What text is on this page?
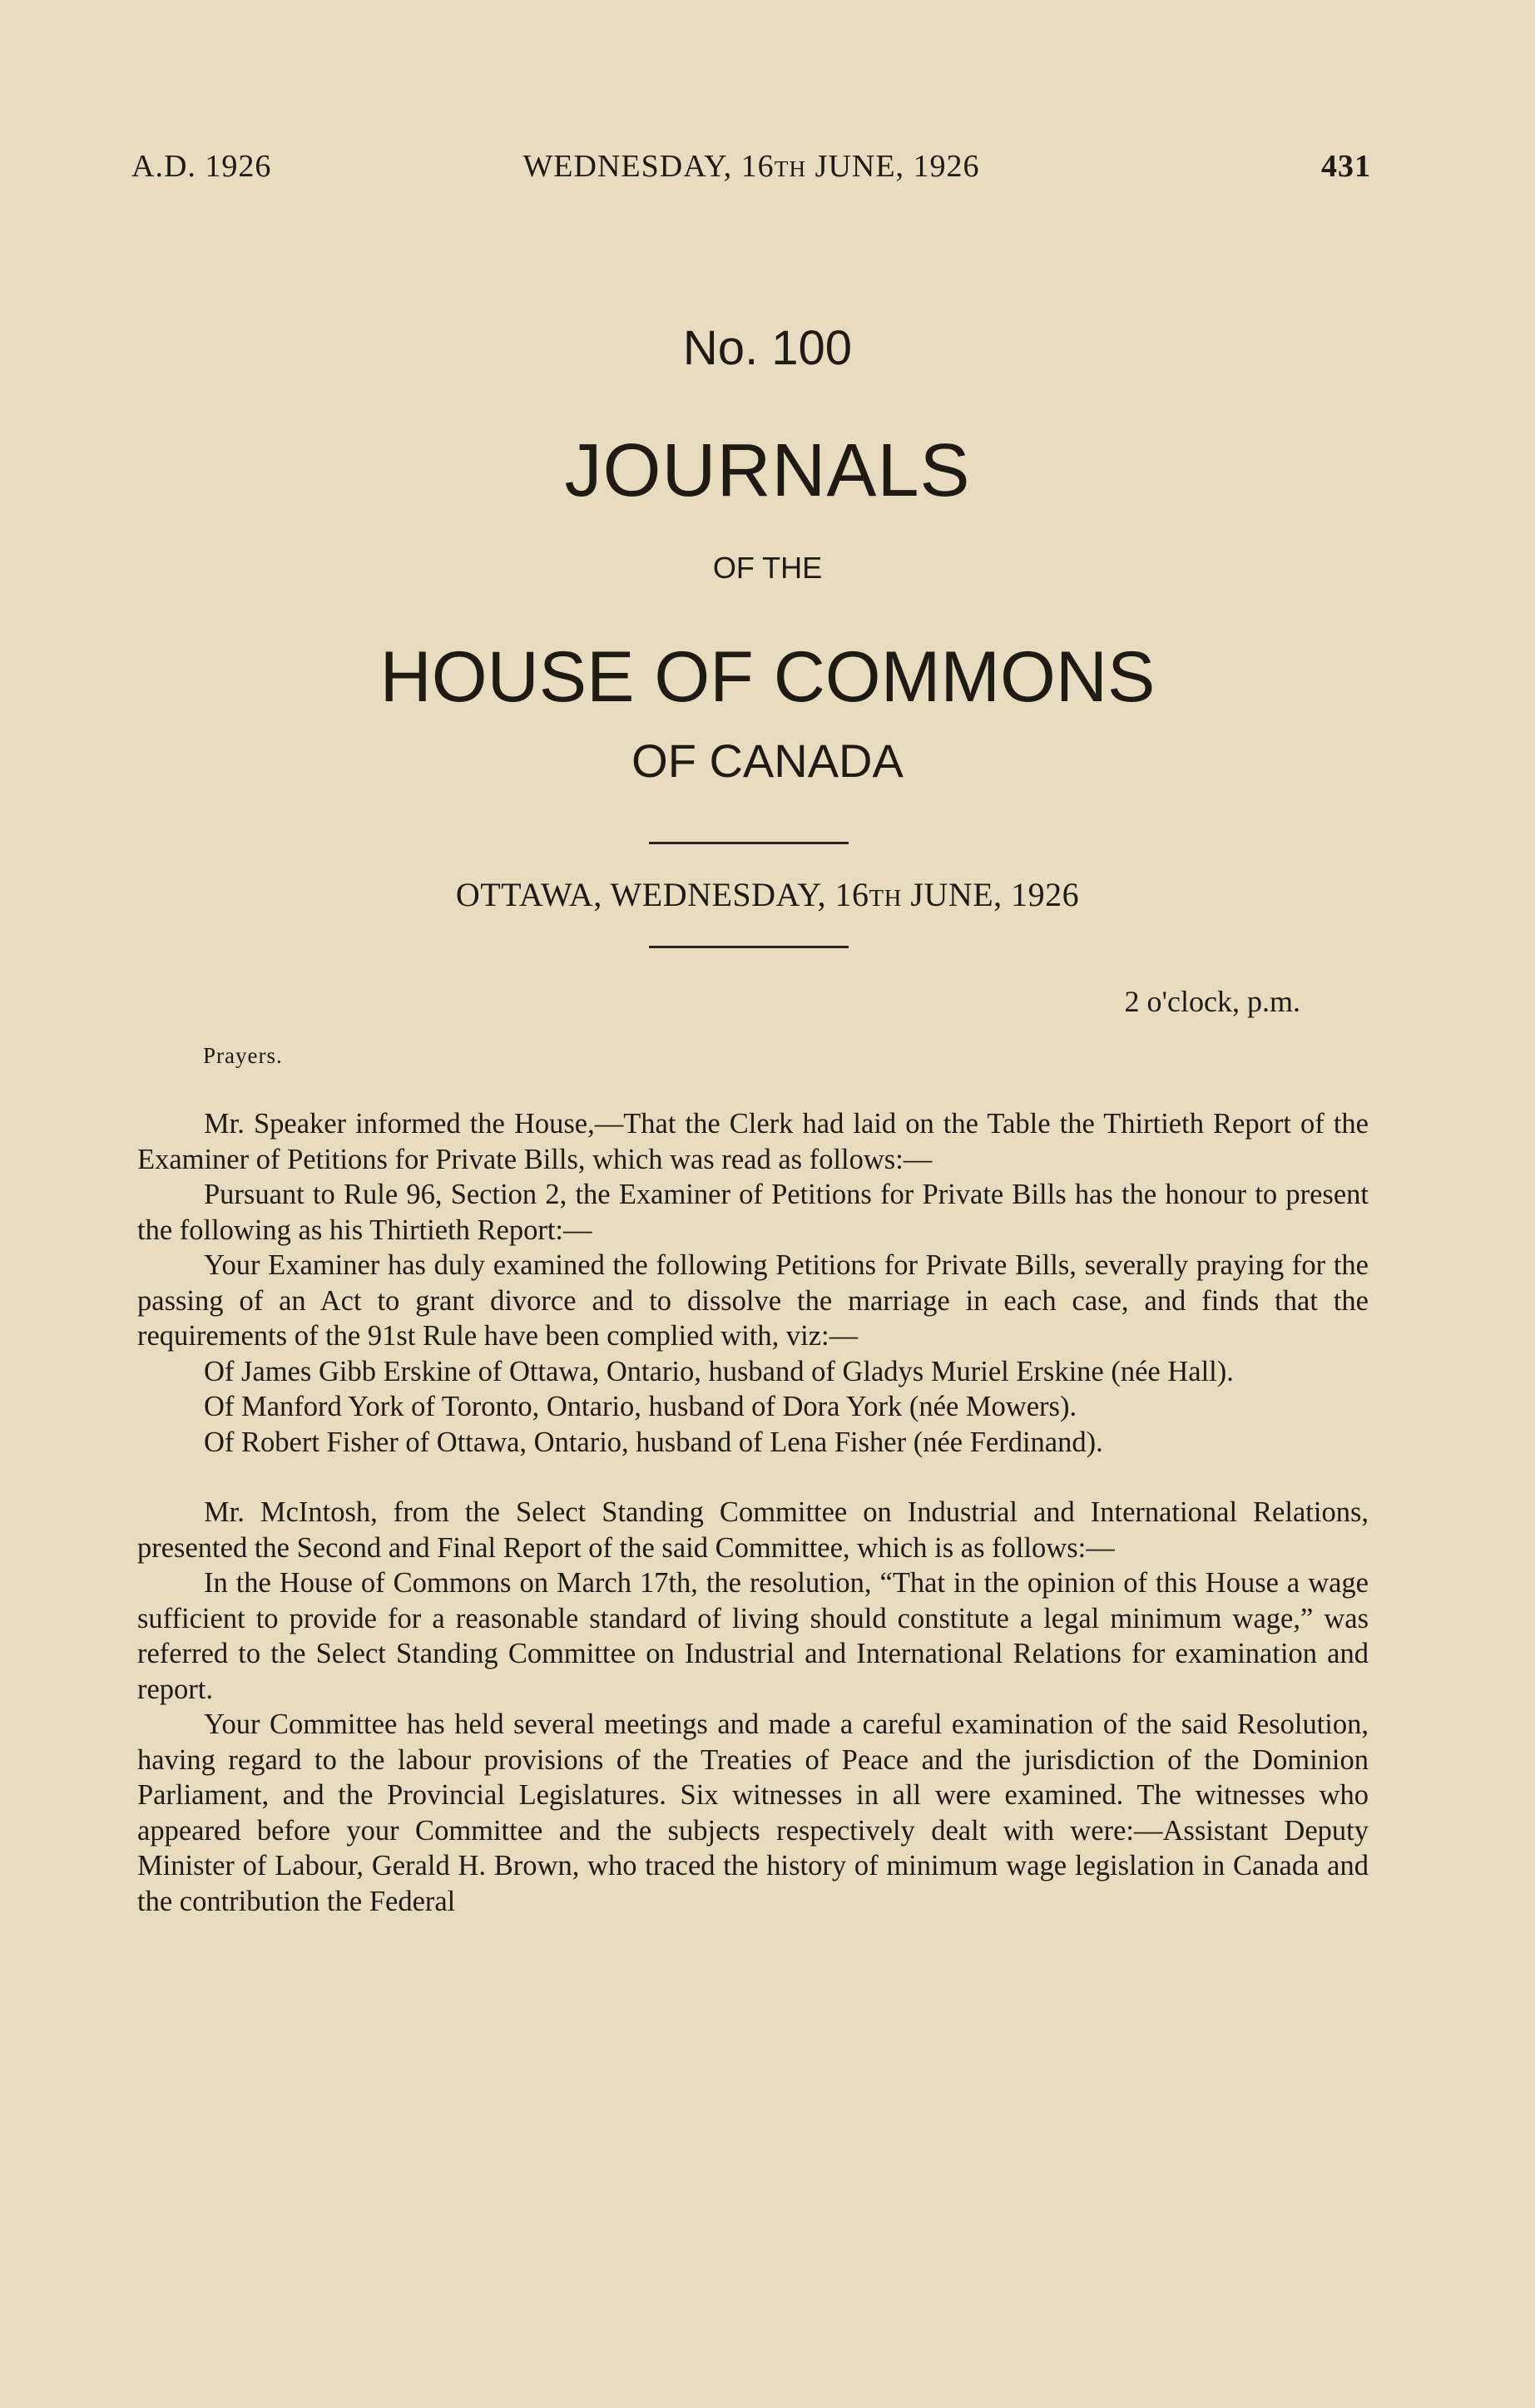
A.D. 1926	WEDNESDAY, 16TH JUNE, 1926	431
No. 100
JOURNALS
OF THE
HOUSE OF COMMONS
OF CANADA
OTTAWA, WEDNESDAY, 16TH JUNE, 1926
2 o'clock, p.m.
Prayers.

Mr. Speaker informed the House,—That the Clerk had laid on the Table the Thirtieth Report of the Examiner of Petitions for Private Bills, which was read as follows:—

Pursuant to Rule 96, Section 2, the Examiner of Petitions for Private Bills has the honour to present the following as his Thirtieth Report:—

Your Examiner has duly examined the following Petitions for Private Bills, severally praying for the passing of an Act to grant divorce and to dissolve the marriage in each case, and finds that the requirements of the 91st Rule have been complied with, viz:—

Of James Gibb Erskine of Ottawa, Ontario, husband of Gladys Muriel Erskine (née Hall).

Of Manford York of Toronto, Ontario, husband of Dora York (née Mowers).

Of Robert Fisher of Ottawa, Ontario, husband of Lena Fisher (née Ferdinand).

Mr. McIntosh, from the Select Standing Committee on Industrial and International Relations, presented the Second and Final Report of the said Committee, which is as follows:—

In the House of Commons on March 17th, the resolution, “That in the opinion of this House a wage sufficient to provide for a reasonable standard of living should constitute a legal minimum wage,” was referred to the Select Standing Committee on Industrial and International Relations for examination and report.

Your Committee has held several meetings and made a careful examination of the said Resolution, having regard to the labour provisions of the Treaties of Peace and the jurisdiction of the Dominion Parliament, and the Provincial Legislatures. Six witnesses in all were examined. The witnesses who appeared before your Committee and the subjects respectively dealt with were:—Assistant Deputy Minister of Labour, Gerald H. Brown, who traced the history of minimum wage legislation in Canada and the contribution the Federal
